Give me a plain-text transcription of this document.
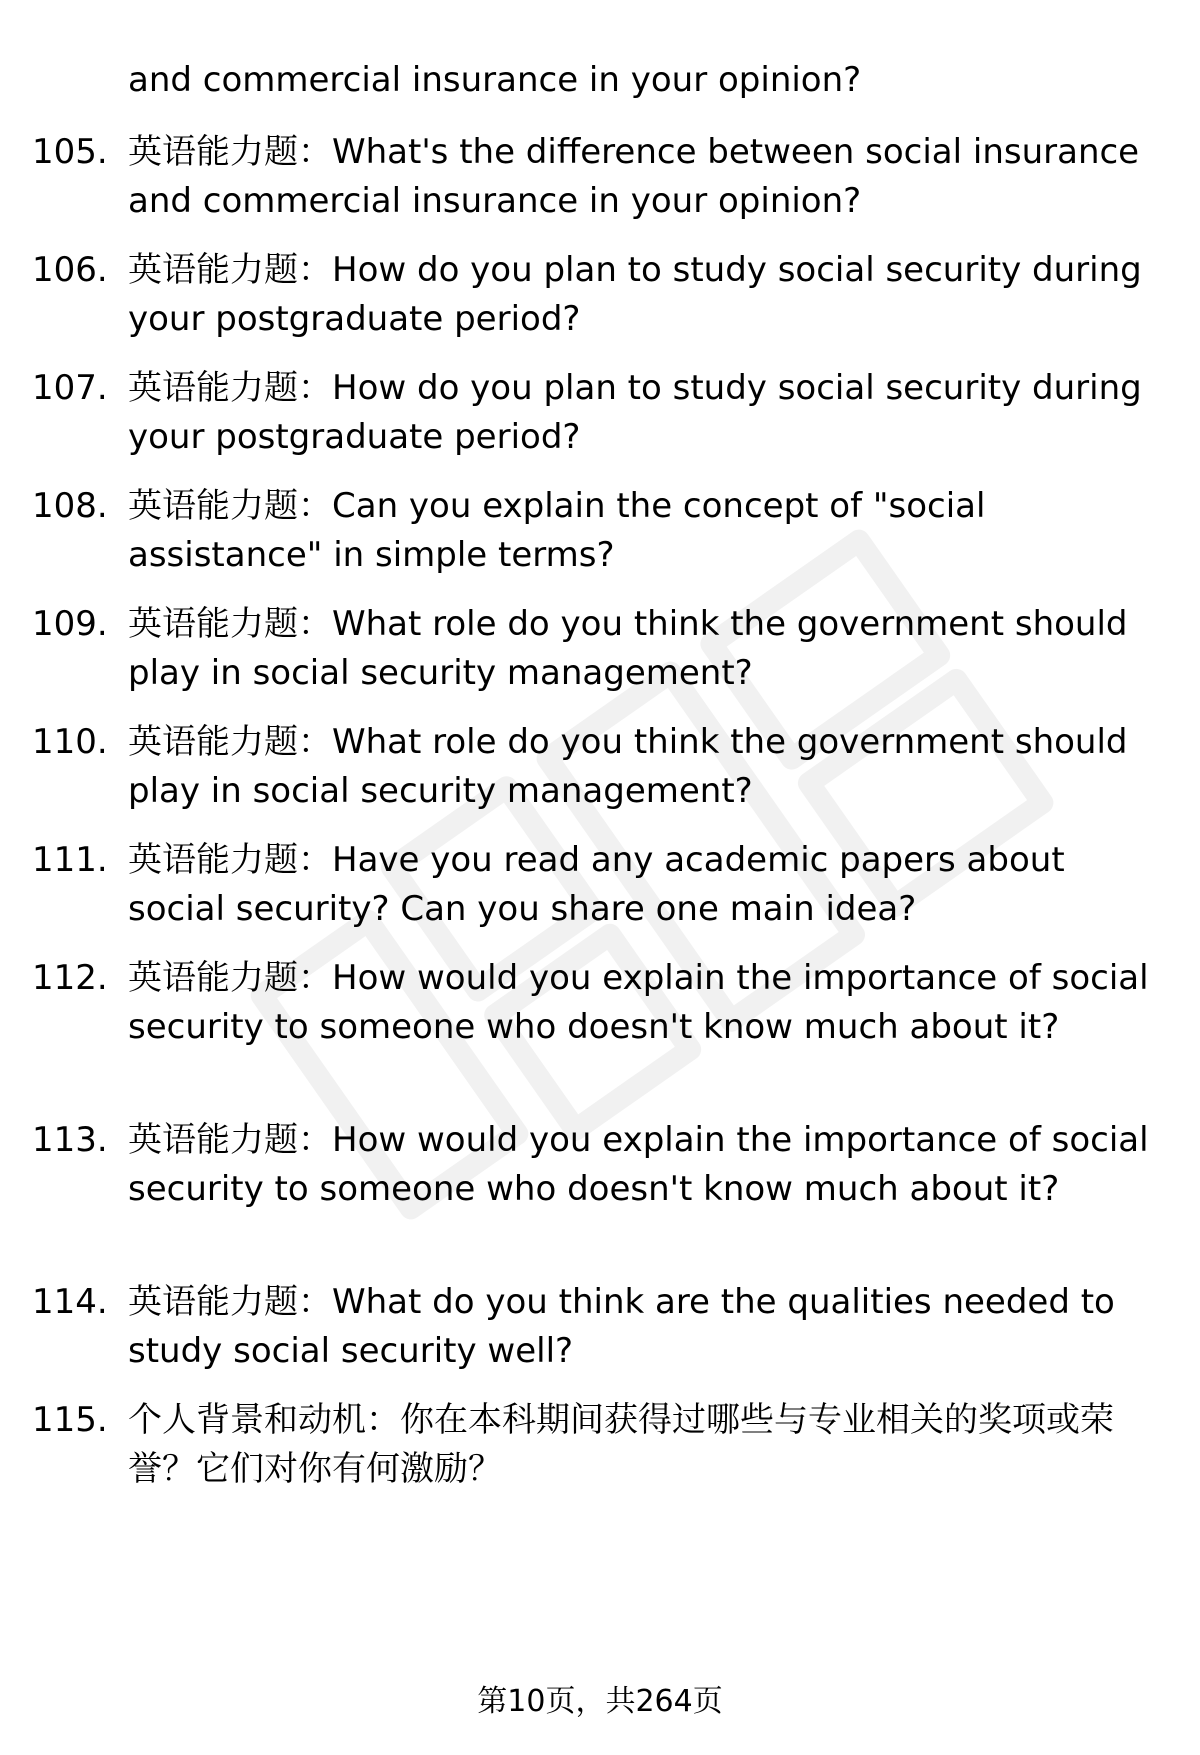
and commercial insurance in your opinion?
105. 英语能力题：What's the difference between social insurance and commercial insurance in your opinion?
106. 英语能力题：How do you plan to study social security during your postgraduate period?
107. 英语能力题：How do you plan to study social security during your postgraduate period?
108. 英语能力题：Can you explain the concept of "social assistance" in simple terms?
109. 英语能力题：What role do you think the government should play in social security management?
110. 英语能力题：What role do you think the government should play in social security management?
111. 英语能力题：Have you read any academic papers about social security? Can you share one main idea?
112. 英语能力题：How would you explain the importance of social security to someone who doesn't know much about it?
113. 英语能力题：How would you explain the importance of social security to someone who doesn't know much about it?
114. 英语能力题：What do you think are the qualities needed to study social security well?
115. 个人背景和动机：你在本科期间获得过哪些与专业相关的奖项或荣誉？它们对你有何激励？
第10页，共264页
